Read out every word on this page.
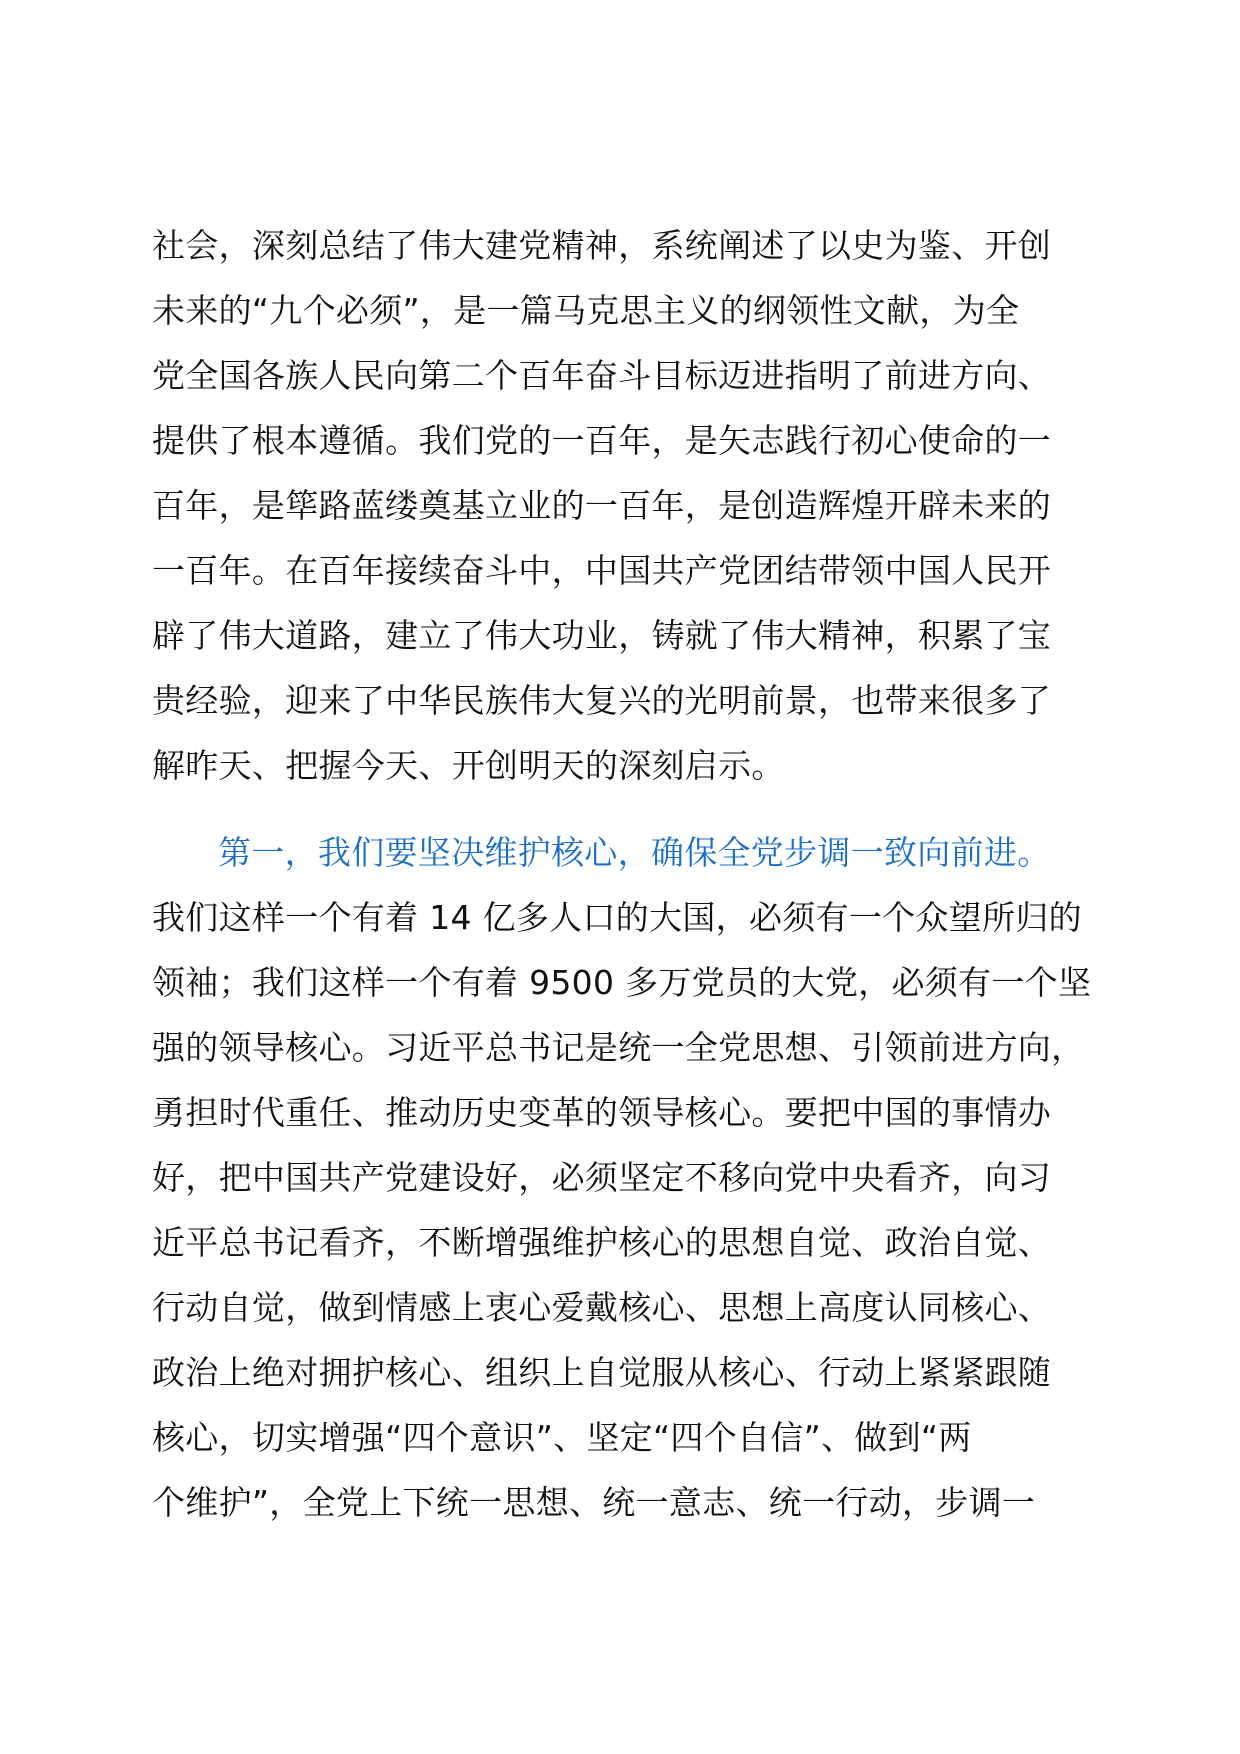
社会，深刻总结了伟大建党精神，系统阐述了以史为鉴、开创
未来的“九个必须”，是一篇马克思主义的纲领性文献，为全
党全国各族人民向第二个百年奋斗目标迈进指明了前进方向、
提供了根本遵循。我们党的一百年，是矢志践行初心使命的一
百年，是筚路蓝缕奠基立业的一百年，是创造辉煌开辟未来的
一百年。在百年接续奋斗中，中国共产党团结带领中国人民开
辟了伟大道路，建立了伟大功业，铸就了伟大精神，积累了宝
贵经验，迎来了中华民族伟大复兴的光明前景，也带来很多了
解昨天、把握今天、开创明天的深刻启示。
第一，我们要坚决维护核心，确保全党步调一致向前进。
我们这样一个有着 14 亿多人口的大国，必须有一个众望所归的
领袖；我们这样一个有着 9500 多万党员的大党，必须有一个坚
强的领导核心。习近平总书记是统一全党思想、引领前进方向，
勇担时代重任、推动历史变革的领导核心。要把中国的事情办
好，把中国共产党建设好，必须坚定不移向党中央看齐，向习
近平总书记看齐，不断增强维护核心的思想自觉、政治自觉、
行动自觉，做到情感上衷心爱戴核心、思想上高度认同核心、
政治上绝对拥护核心、组织上自觉服从核心、行动上紧紧跟随
核心，切实增强“四个意识”、坚定“四个自信”、做到“两
个维护”，全党上下统一思想、统一意志、统一行动，步调一
